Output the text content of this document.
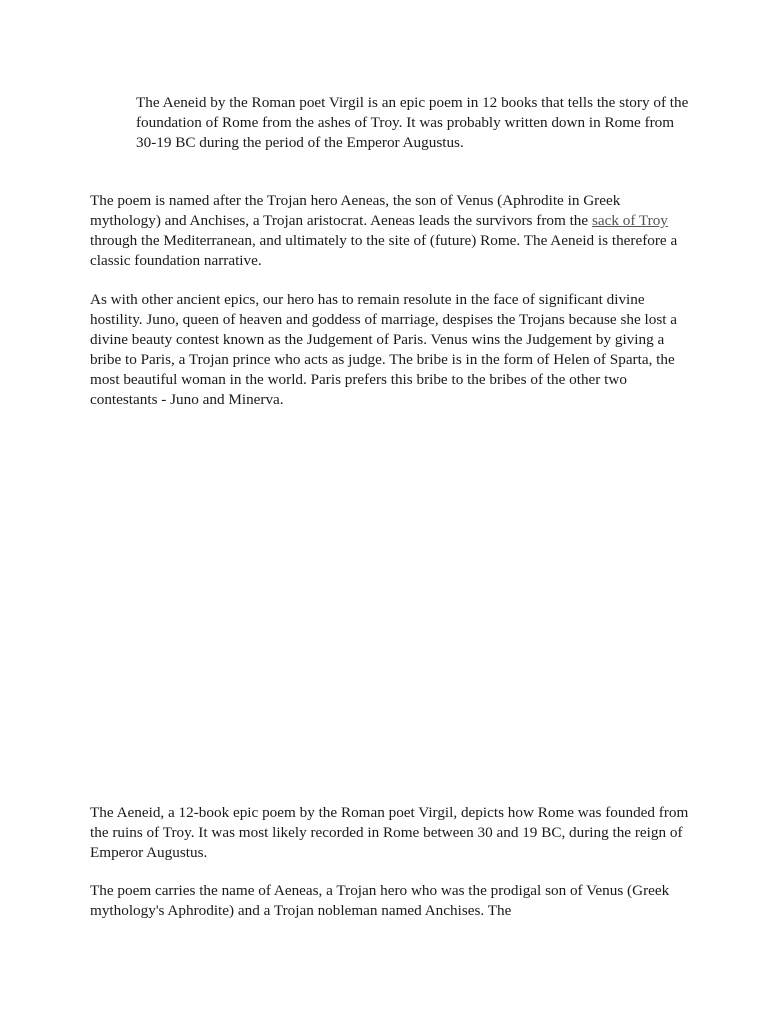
The Aeneid by the Roman poet Virgil is an epic poem in 12 books that tells the story of the foundation of Rome from the ashes of Troy. It was probably written down in Rome from 30-19 BC during the period of the Emperor Augustus.

The poem is named after the Trojan hero Aeneas, the son of Venus (Aphrodite in Greek mythology) and Anchises, a Trojan aristocrat. Aeneas leads the survivors from the sack of Troy through the Mediterranean, and ultimately to the site of (future) Rome. The Aeneid is therefore a classic foundation narrative.

As with other ancient epics, our hero has to remain resolute in the face of significant divine hostility. Juno, queen of heaven and goddess of marriage, despises the Trojans because she lost a divine beauty contest known as the Judgement of Paris. Venus wins the Judgement by giving a bribe to Paris, a Trojan prince who acts as judge. The bribe is in the form of Helen of Sparta, the most beautiful woman in the world. Paris prefers this bribe to the bribes of the other two contestants - Juno and Minerva.

The Aeneid, a 12-book epic poem by the Roman poet Virgil, depicts how Rome was founded from the ruins of Troy. It was most likely recorded in Rome between 30 and 19 BC, during the reign of Emperor Augustus.

The poem carries the name of Aeneas, a Trojan hero who was the prodigal son of Venus (Greek mythology's Aphrodite) and a Trojan nobleman named Anchises. The
